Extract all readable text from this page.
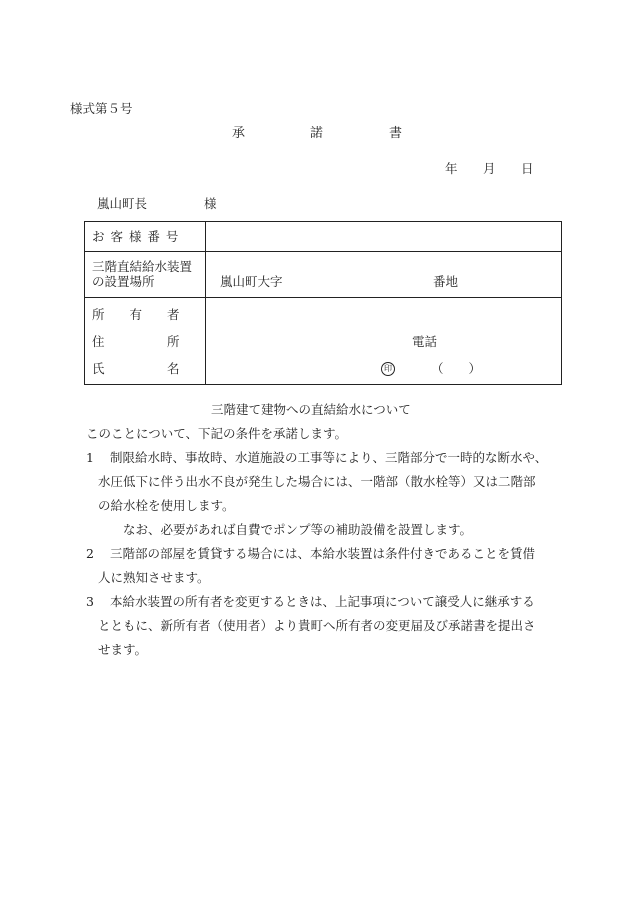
様式第５号
承	諾	書
年 月 日
嵐山町長	様
お 客 様 番 号
三階直結給水装置
の設置場所	嵐山町大字	番地
所　　有　　者
住　　　　　所	電話
氏　　　　　名	印	（　　）
三階建て建物への直結給水について
このことについて、下記の条件を承諾します。
1 制限給水時、事故時、水道施設の工事等により、三階部分で一時的な断水や、
水圧低下に伴う出水不良が発生した場合には、一階部（散水栓等）又は二階部
の給水栓を使用します。
なお、必要があれば自費でポンプ等の補助設備を設置します。
2 三階部の部屋を賃貸する場合には、本給水装置は条件付きであることを賃借
人に熟知させます。
3 本給水装置の所有者を変更するときは、上記事項について譲受人に継承する
とともに、新所有者（使用者）より貴町へ所有者の変更届及び承諾書を提出さ
せます。
